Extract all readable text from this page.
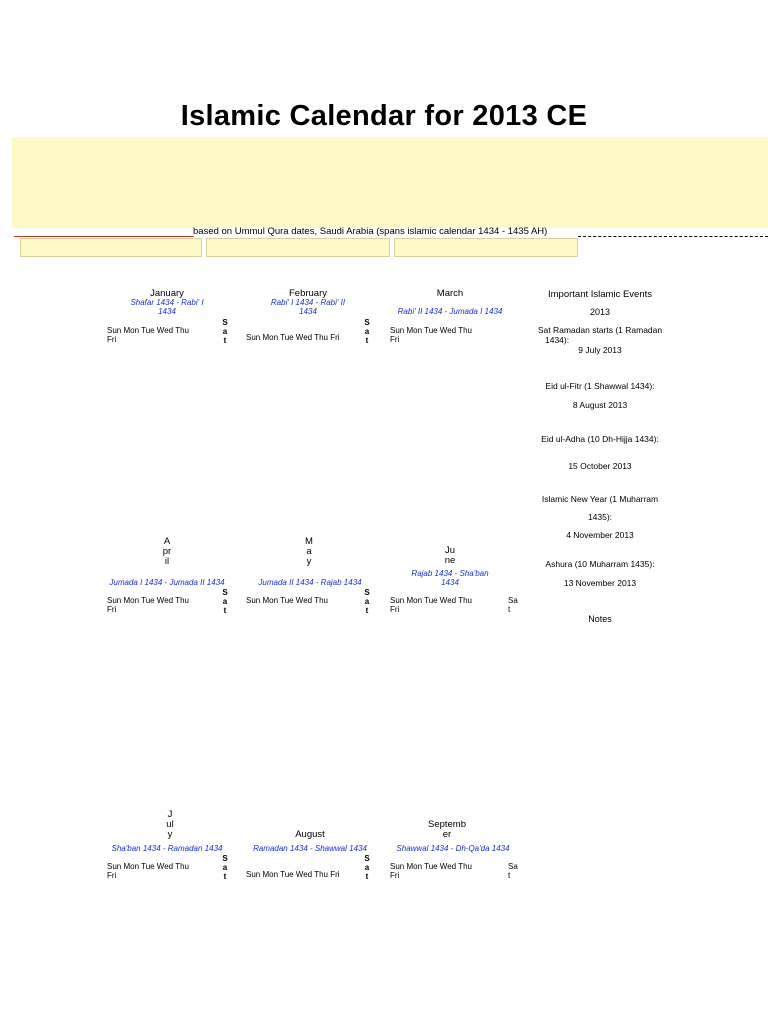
Islamic Calendar for 2013 CE
based on Ummul Qura dates, Saudi Arabia (spans islamic calendar 1434 - 1435 AH)
January
Shafar 1434 - Rabi' I
1434
February
Rabi' I 1434 - Rabi' II
1434
March
Rabi' II 1434 - Jumada I 1434
Sun Mon Tue Wed Thu
Fri	Sun Mon Tue Wed Thu Fri
Sun Mon Tue Wed Thu
Fri
S
a
t
S
a
t
A
pr
il
Jumada I 1434 - Jumada II 1434
M
a
y
Jumada II 1434 - Rajab 1434
Ju
ne
Rajab 1434 - Sha'ban
1434
Sun Mon Tue Wed Thu
Fri
Sun Mon Tue Wed Thu	Sun Mon Tue Wed Thu
Fri
S
a
t
S
a
t
Sa
t
J
ul
y
Sha'ban 1434 - Ramadan 1434
August
Ramadan 1434 - Shawwal 1434
Septemb
er
Shawwal 1434 - Dh-Qa'da 1434
Sun Mon Tue Wed Thu
Fri	Sun Mon Tue Wed Thu Fri
Sun Mon Tue Wed Thu
Fri
S
a
t
S
a
t
Sa
t
Important Islamic Events
2013
Sat Ramadan starts (1 Ramadan
1434):
9 July 2013
Eid ul-Fitr (1 Shawwal 1434):
8 August 2013
Eid ul-Adha (10 Dh-Hijja 1434):
15 October 2013
Islamic New Year (1 Muharram
1435):
4 November 2013
Ashura (10 Muharram 1435):
13 November 2013
Notes
